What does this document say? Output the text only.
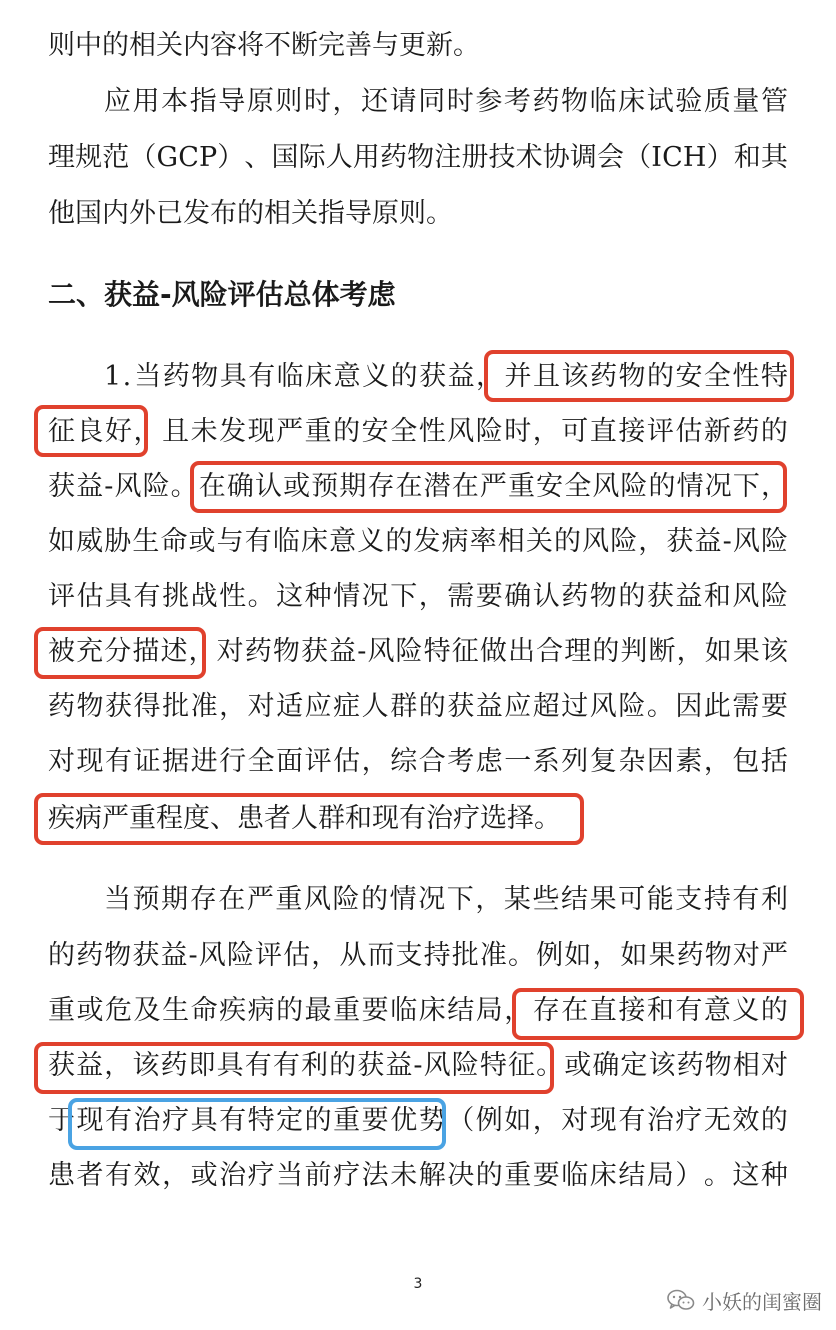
则中的相关内容将不断完善与更新。
应 用 本 指 导 原 则 时 ， 还 请 同 时 参 考 药 物 临 床 试 验 质 量 管
理 规 范 （ G C P ） 、 国 际 人 用 药 物 注 册 技 术 协 调 会 （ I C H ） 和 其
他国内外已发布的相关指导原则。
二、获益-风险评估总体考虑
1 . 当 药 物 具 有 临 床 意 义 的 获 益 ， 并 且 该 药 物 的 安 全 性 特
征 良 好 ， 且 未 发 现 严 重 的 安 全 性 风 险 时 ， 可 直 接 评 估 新 药 的
获 益 - 风 险 。 在 确 认 或 预 期 存 在 潜 在 严 重 安 全 风 险 的 情 况 下 ，
如 威 胁 生 命 或 与 有 临 床 意 义 的 发 病 率 相 关 的 风 险 ， 获 益 - 风 险
评 估 具 有 挑 战 性 。 这 种 情 况 下 ， 需 要 确 认 药 物 的 获 益 和 风 险
被 充 分 描 述 ， 对 药 物 获 益 - 风 险 特 征 做 出 合 理 的 判 断 ， 如 果 该
药 物 获 得 批 准 ， 对 适 应 症 人 群 的 获 益 应 超 过 风 险 。 因 此 需 要
对 现 有 证 据 进 行 全 面 评 估 ， 综 合 考 虑 一 系 列 复 杂 因 素 ， 包 括
疾病严重程度、患者人群和现有治疗选择。
当 预 期 存 在 严 重 风 险 的 情 况 下 ， 某 些 结 果 可 能 支 持 有 利
的 药 物 获 益 - 风 险 评 估 ， 从 而 支 持 批 准 。 例 如 ， 如 果 药 物 对 严
重 或 危 及 生 命 疾 病 的 最 重 要 临 床 结 局 ， 存 在 直 接 和 有 意 义 的
获 益 ， 该 药 即 具 有 有 利 的 获 益 - 风 险 特 征 。 或 确 定 该 药 物 相 对
于 现 有 治 疗 具 有 特 定 的 重 要 优 势 （ 例 如 ， 对 现 有 治 疗 无 效 的
患 者 有 效 ， 或 治 疗 当 前 疗 法 未 解 决 的 重 要 临 床 结 局 ） 。 这 种
3
小妖的闺蜜圈
